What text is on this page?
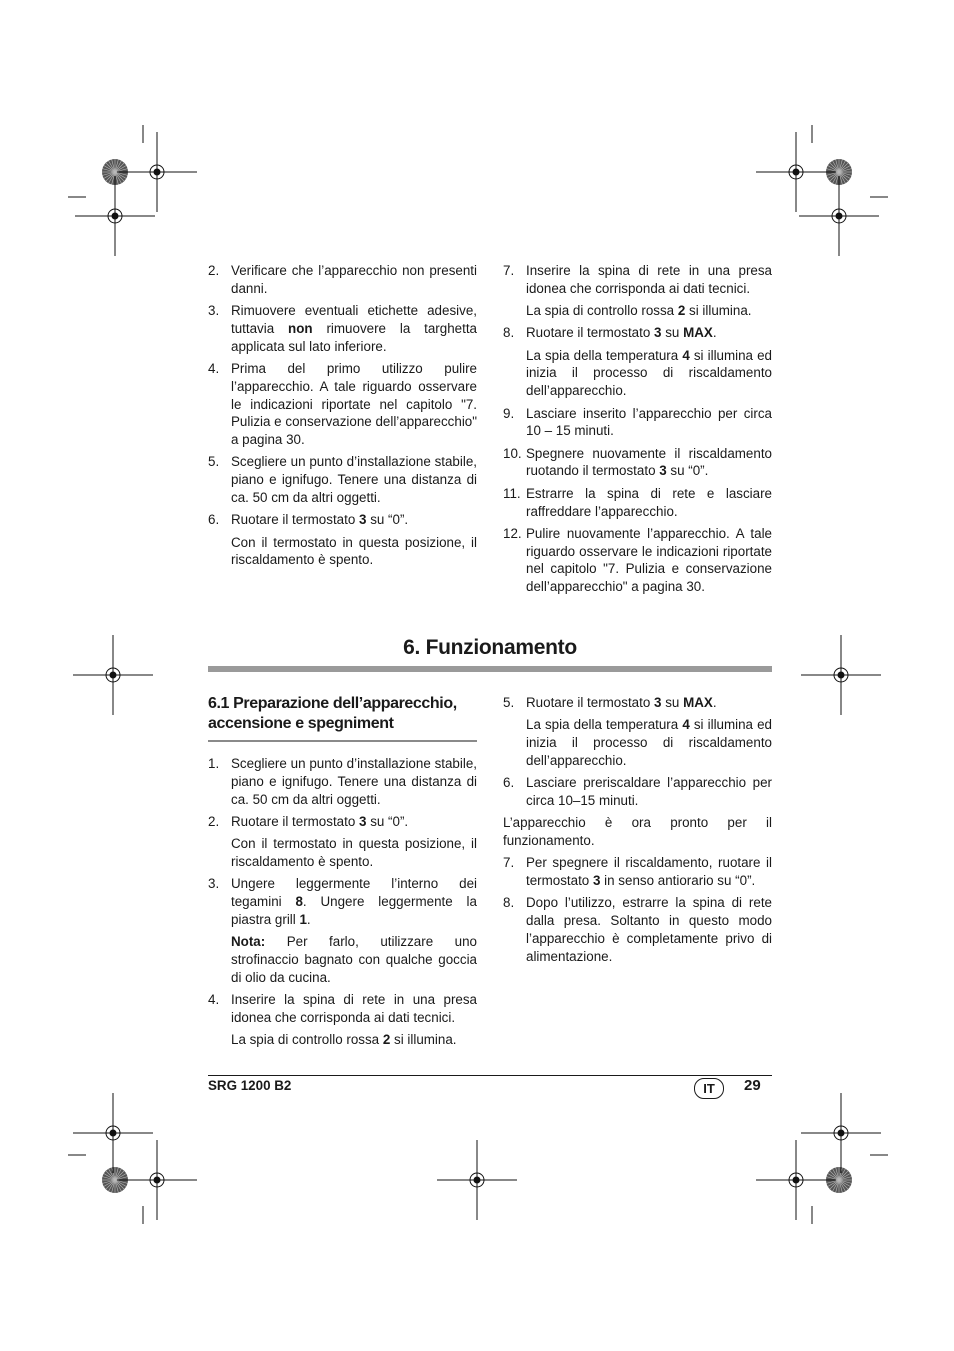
2. Verificare che l’apparecchio non presenti danni.
3. Rimuovere eventuali etichette adesive, tuttavia non rimuovere la targhetta applicata sul lato inferiore.
4. Prima del primo utilizzo pulire l’apparecchio. A tale riguardo osservare le indicazioni riportate nel capitolo "7. Pulizia e conservazione dell’apparecchio" a pagina 30.
5. Scegliere un punto d’installazione stabile, piano e ignifugo. Tenere una distanza di ca. 50 cm da altri oggetti.
6. Ruotare il termostato 3 su “0”.
Con il termostato in questa posizione, il riscaldamento è spento.
7. Inserire la spina di rete in una presa idonea che corrisponda ai dati tecnici.
La spia di controllo rossa 2 si illumina.
8. Ruotare il termostato 3 su MAX.
La spia della temperatura 4 si illumina ed inizia il processo di riscaldamento dell’apparecchio.
9. Lasciare inserito l’apparecchio per circa 10 – 15 minuti.
10. Spegnere nuovamente il riscaldamento ruotando il termostato 3 su “0”.
11. Estrarre la spina di rete e lasciare raffreddare l’apparecchio.
12. Pulire nuovamente l’apparecchio. A tale riguardo osservare le indicazioni riportate nel capitolo "7. Pulizia e conservazione dell’apparecchio" a pagina 30.
6. Funzionamento
6.1 Preparazione dell’apparecchio, accensione e spegniment
1. Scegliere un punto d’installazione stabile, piano e ignifugo. Tenere una distanza di ca. 50 cm da altri oggetti.
2. Ruotare il termostato 3 su “0”.
Con il termostato in questa posizione, il riscaldamento è spento.
3. Ungere leggermente l’interno dei tegamini 8. Ungere leggermente la piastra grill 1.
Nota: Per farlo, utilizzare uno strofinaccio bagnato con qualche goccia di olio da cucina.
4. Inserire la spina di rete in una presa idonea che corrisponda ai dati tecnici.
La spia di controllo rossa 2 si illumina.
5. Ruotare il termostato 3 su MAX.
La spia della temperatura 4 si illumina ed inizia il processo di riscaldamento dell’apparecchio.
6. Lasciare preriscaldare l’apparecchio per circa 10–15 minuti.
L’apparecchio è ora pronto per il funzionamento.
7. Per spegnere il riscaldamento, ruotare il termostato 3 in senso antiorario su “0”.
8. Dopo l’utilizzo, estrarre la spina di rete dalla presa. Soltanto in questo modo l’apparecchio è completamente privo di alimentazione.
SRG 1200 B2	IT	29
